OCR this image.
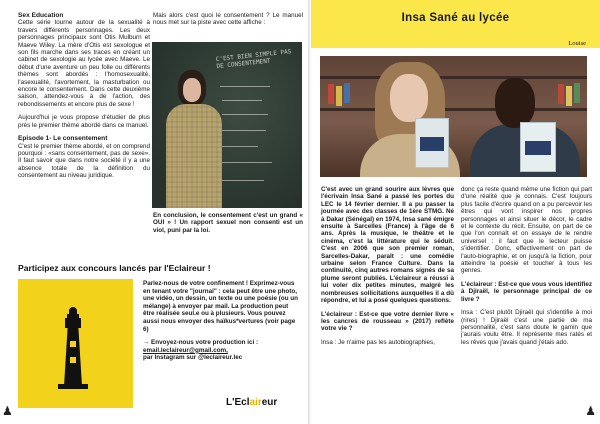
Sex Education
Cette série tourne autour de la sexualité à travers différents personnages. Les deux personnages principaux sont Otis Mulburn et Maeve Wiley. La mère d'Otis est sexologue et son fils marche dans ses traces en créant un cabinet de sexologie au lycée avec Maeve. Le début d'une aventure un peu folle ou différents thèmes sont abordés : l'homosexualité, l'asexualité, l'avortement, la masturbation ou encore le consentement. Dans cette deuxième saison, attendez-vous à de l'action, des rebondissements et encore plus de sexe !
Aujourd'hui je vous propose d'étudier de plus près le premier thème abordé dans ce manuel.
Episode 1- Le consentement
C'est le premier thème abordé, et on comprend pourquoi : «sans consentement, pas de sexe». Il faut savoir que dans notre société il y a une absence totale de la définition du consentement au niveau juridique.
Mais alors c'est quoi le consentement ? Le manuel nous met sur la piste avec cette affiche :
C'EST BIEN SIMPLE PAS DE CONSENTEMENT
En conclusion, le consentement c'est un grand « OUI » ! Un rapport sexuel non consenti est un viol, puni par la loi.
Participez aux concours lancés par l'Eclaireur !
Parlez-nous de votre confinement ! Exprimez-vous en tenant votre "journal" : cela peut être une photo, une vidéo, un dessin, un texte ou une poésie (ou un mélange) à envoyer par mail. La production peut être réalisée seul.e ou à plusieurs. Vous pouvez aussi nous envoyer des haïkus*vertures (voir page 6)
→ Envoyez-nous votre production ici :
email.leclaireur@gmail.com,
par Instagram sur @leclaireur.lec
L'Eclaireur
♟
Insa Sané au lycée
Louise
C'est avec un grand sourire aux lèvres que l'écrivain Insa Sané a passé les portes du LEC le 14 février dernier. Il a pu passer la journée avec des classes de 1ère STMG. Né à Dakar (Sénégal) en 1974, Insa sané émigre ensuite à Sarcelles (France) à l'âge de 6 ans. Après la musique, le théâtre et le cinéma, c'est la littérature qui le séduit. C'est en 2006 que son premier roman, Sarcelles-Dakar, paraît : une comédie urbaine selon France Culture. Dans la continuité, cinq autres romans signés de sa plume seront publiés. L'éclaireur a réussi à lui voler dix petites minutes, malgré les nombreuses sollicitations auxquelles il a dû répondre, et lui a posé quelques questions.
L'éclaireur : Est-ce que votre dernier livre « les cancres de rousseau » (2017) reflète votre vie ?
Insa : Je n'aime pas les autobiographies,
donc ça reste quand même une fiction qui part d'une réalité que je connais. C'est toujours plus facile d'écrire quand on a pu percevoir les êtres qui vont inspirer nos propres personnages et ainsi situer le décor, le cadre et le contexte du récit. Ensuite, on part de ce que l'on connaît et on essaye de le rendre universel : il faut que le lecteur puisse s'identifier. Donc, effectivement on part de l'auto-biographie, et on jusqu'à la fiction, pour atteindre la poésie et toucher à tous les genres.
L'éclaireur : Est-ce que vous vous identifiez à Djiraël, le personnage principal de ce livre ?
Insa : C'est plutôt Djiraël qui s'identifie à moi (rires) ! Djiraël c'est une partie de ma personnalité, c'est sans doute le gamin que j'aurais voulu être. Il représente mes ratés et les rêves que j'avais quand j'étais ado.
♟
